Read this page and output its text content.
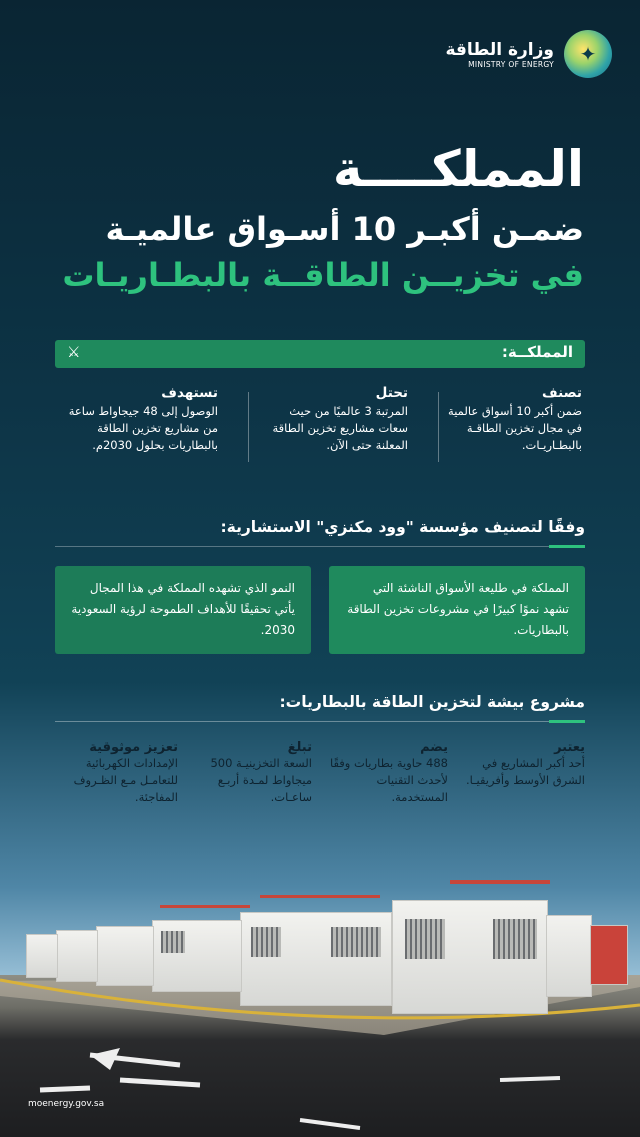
وزارة الطاقة
MINISTRY OF ENERGY	✦
المملكــــة
ضمـن أكبـر 10 أسـواق عالميـة
في تخزيــن الطاقــة بالبطـاريـات
المملكــة:
⚔
تصنف
ضمن أكبر 10 أسواق عالمية في مجال تخزين الطاقـة بالبطـاريـات.
تحتل
المرتبة 3 عالميًا من حيث سعات مشاريع تخزين الطاقة المعلنة حتى الآن.
تستهدف
الوصول إلى 48 جيجاواط ساعة من مشاريع تخزين الطاقة بالبطاريات بحلول 2030م.
وفقًا لتصنيف مؤسسة "وود مكنزي" الاستشارية:
المملكة في طليعة الأسواق الناشئة التي تشهد نموًا كبيرًا في مشروعات تخزين الطاقة بالبطاريات.
النمو الذي تشهده المملكة في هذا المجال يأتي تحقيقًا للأهداف الطموحة لرؤية السعودية 2030.
مشروع بيشة لتخزين الطاقة بالبطاريات:
يعتبر
أحد أكبر المشاريع في الشرق الأوسط وأفريقيـا.
يضم
488 حاوية بطاريات وفقًا لأحدث التقنيات المستخدمة.
تبلغ
السعة التخزينيـة 500 ميجاواط لمـدة أربـع ساعـات.
تعزيز موثوقية
الإمدادات الكهربائية للتعامـل مـع الظـروف المفاجئة.
moenergy.gov.sa
